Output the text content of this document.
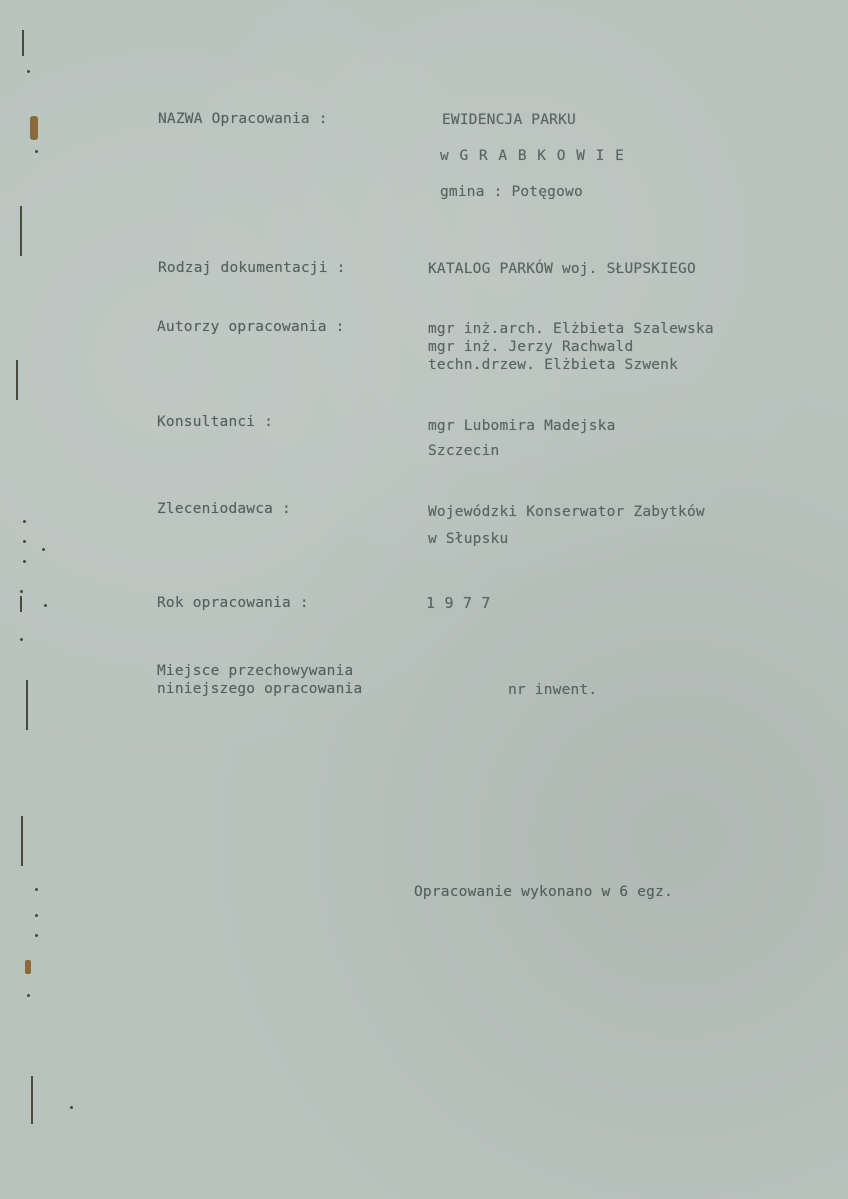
NAZWA Opracowania :	EWIDENCJA PARKU
w G R A B K O W I E
gmina : Potęgowo
Rodzaj dokumentacji :	KATALOG PARKÓW woj. SŁUPSKIEGO
Autorzy opracowania :	mgr inż.arch. Elżbieta Szalewska
mgr inż. Jerzy Rachwald
techn.drzew. Elżbieta Szwenk
Konsultanci :	mgr Lubomira Madejska
Szczecin
Zleceniodawca :	Wojewódzki Konserwator Zabytków
w Słupsku
Rok opracowania :	1 9 7 7
Miejsce przechowywania
niniejszego opracowania	nr inwent.
Opracowanie wykonano w 6 egz.
